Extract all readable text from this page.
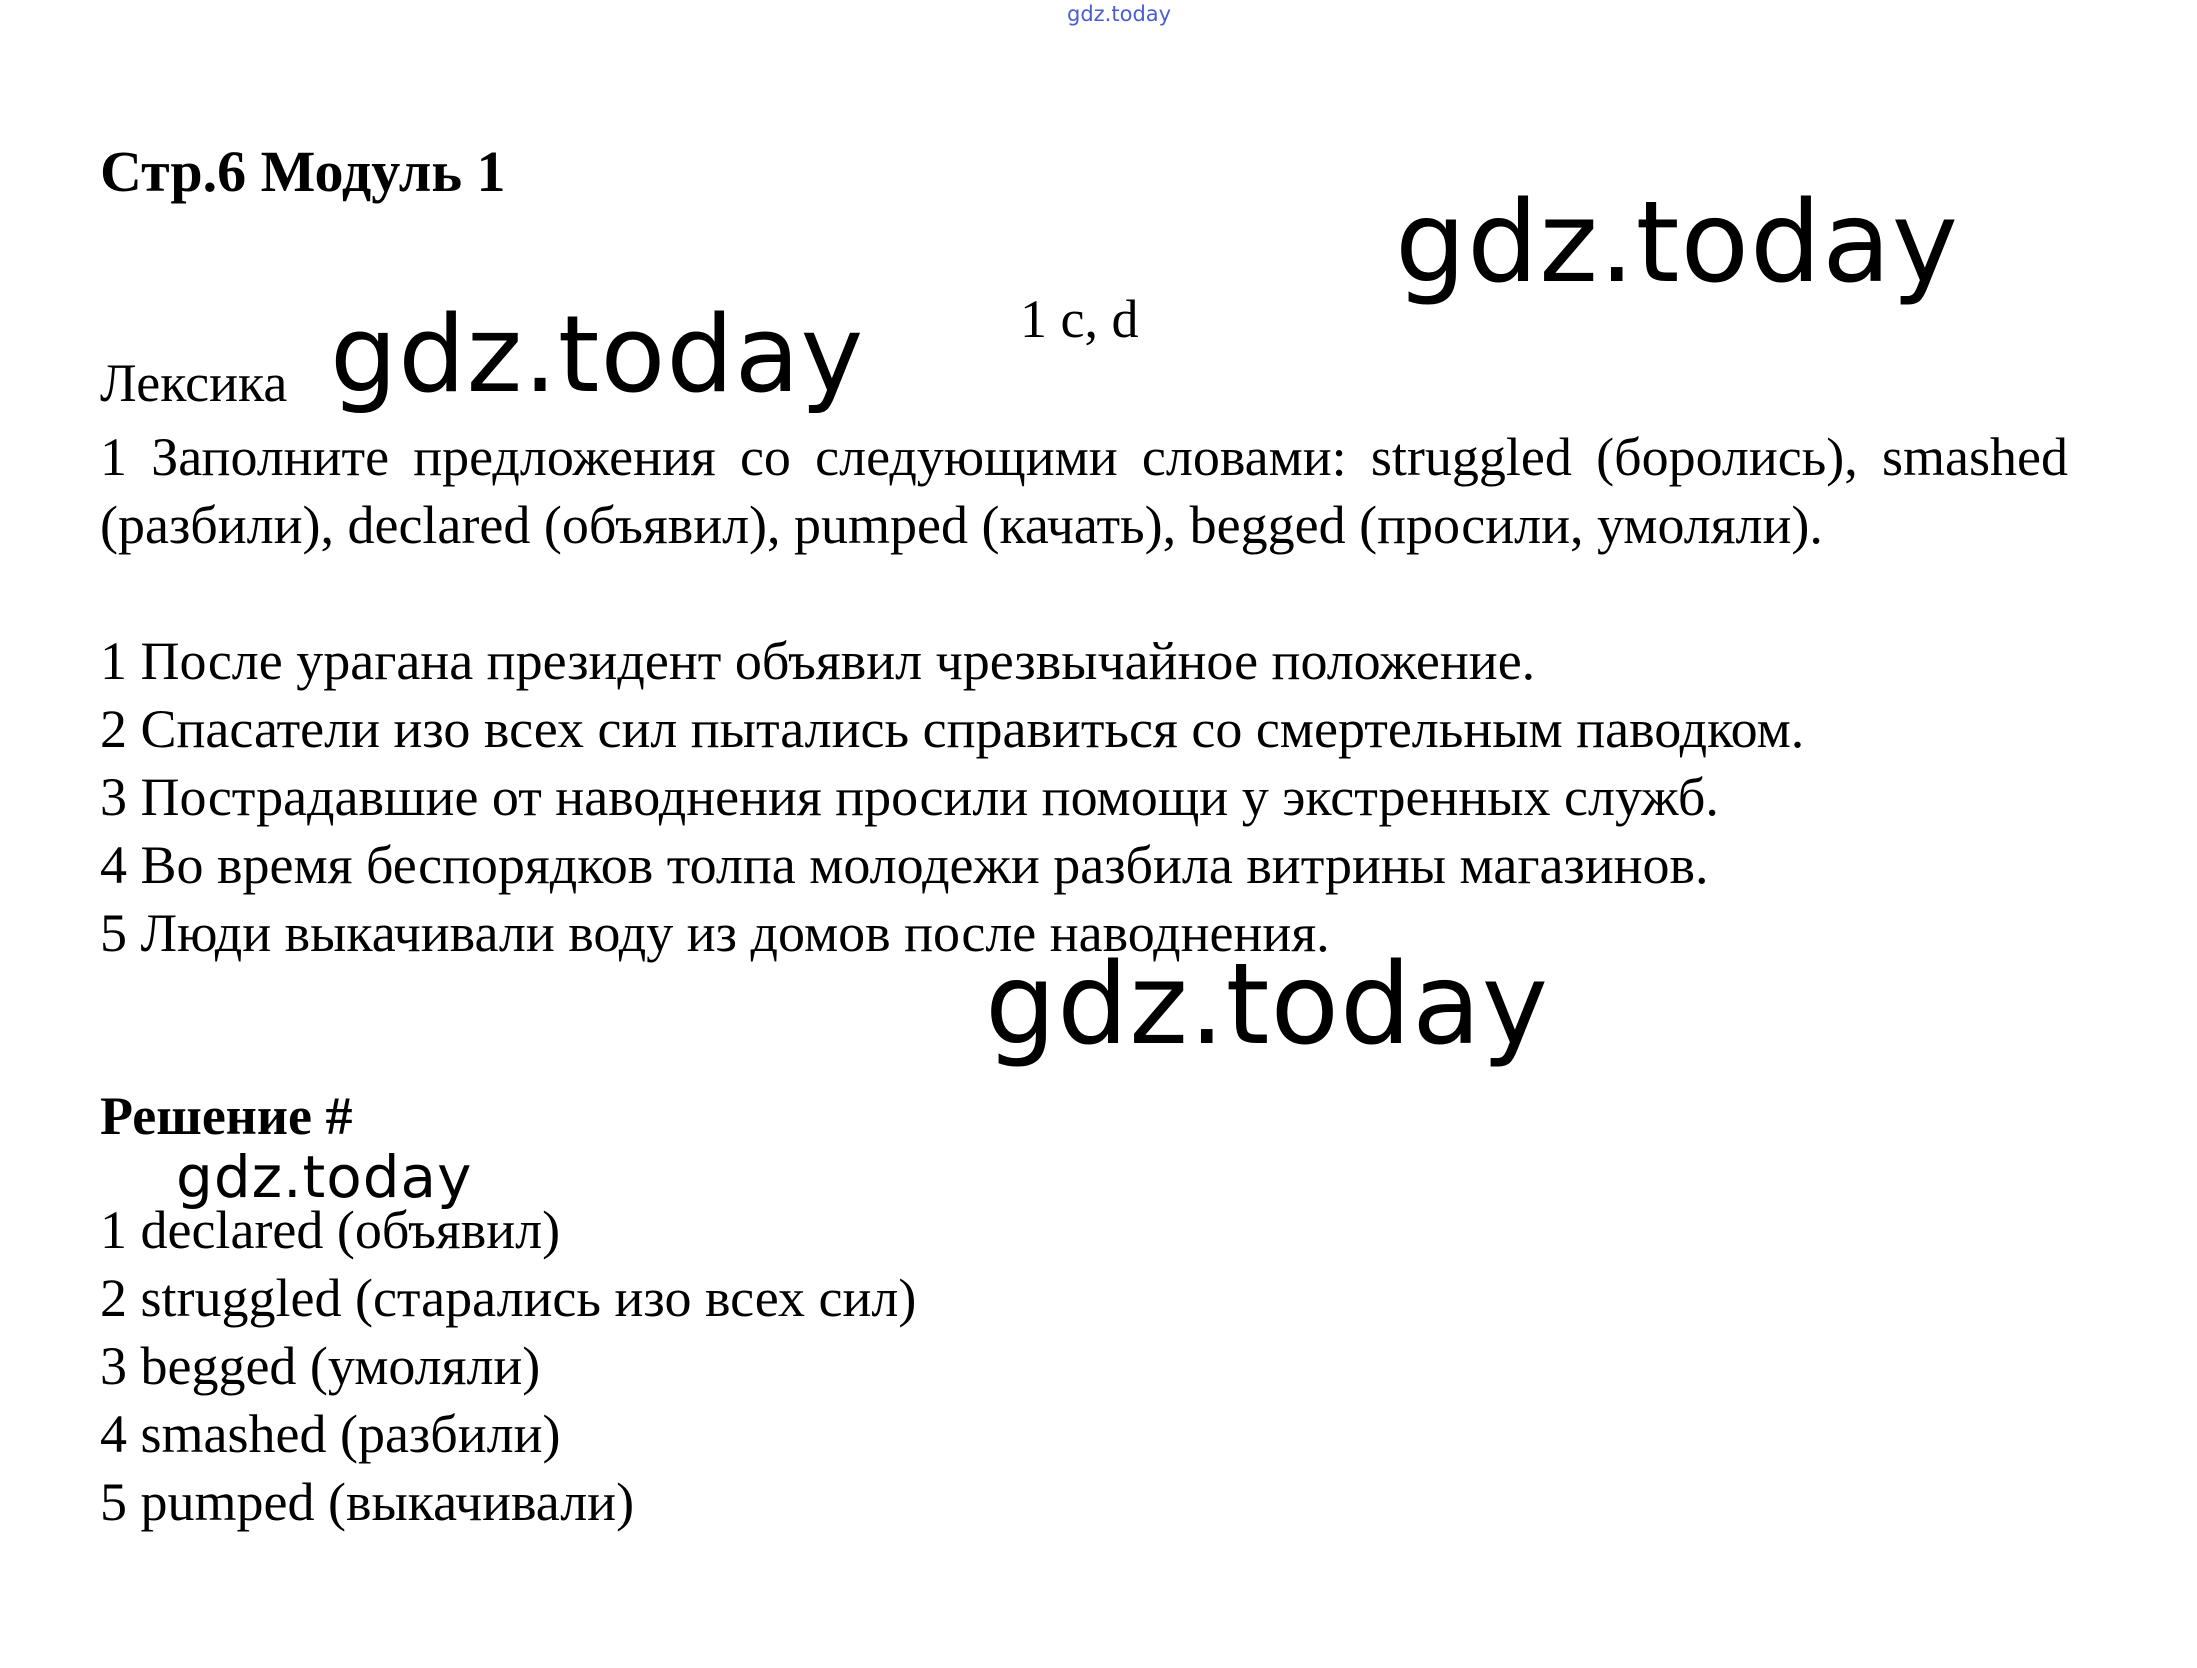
gdz.today
gdz.today
gdz.today
gdz.today
gdz.today
Стр.6 Модуль 1
1 c, d
Лексика
1 Заполните предложения со следующими словами: struggled (боролись), smashed (разбили), declared (объявил), pumped (качать), begged (просили, умоляли).
1 После урагана президент объявил чрезвычайное положение.
2 Спасатели изо всех сил пытались справиться со смертельным паводком.
3 Пострадавшие от наводнения просили помощи у экстренных служб.
4 Во время беспорядков толпа молодежи разбила витрины магазинов.
5 Люди выкачивали воду из домов после наводнения.
Решение #
1 declared (объявил)
2 struggled (старались изо всех сил)
3 begged (умоляли)
4 smashed (разбили)
5 pumped (выкачивали)
